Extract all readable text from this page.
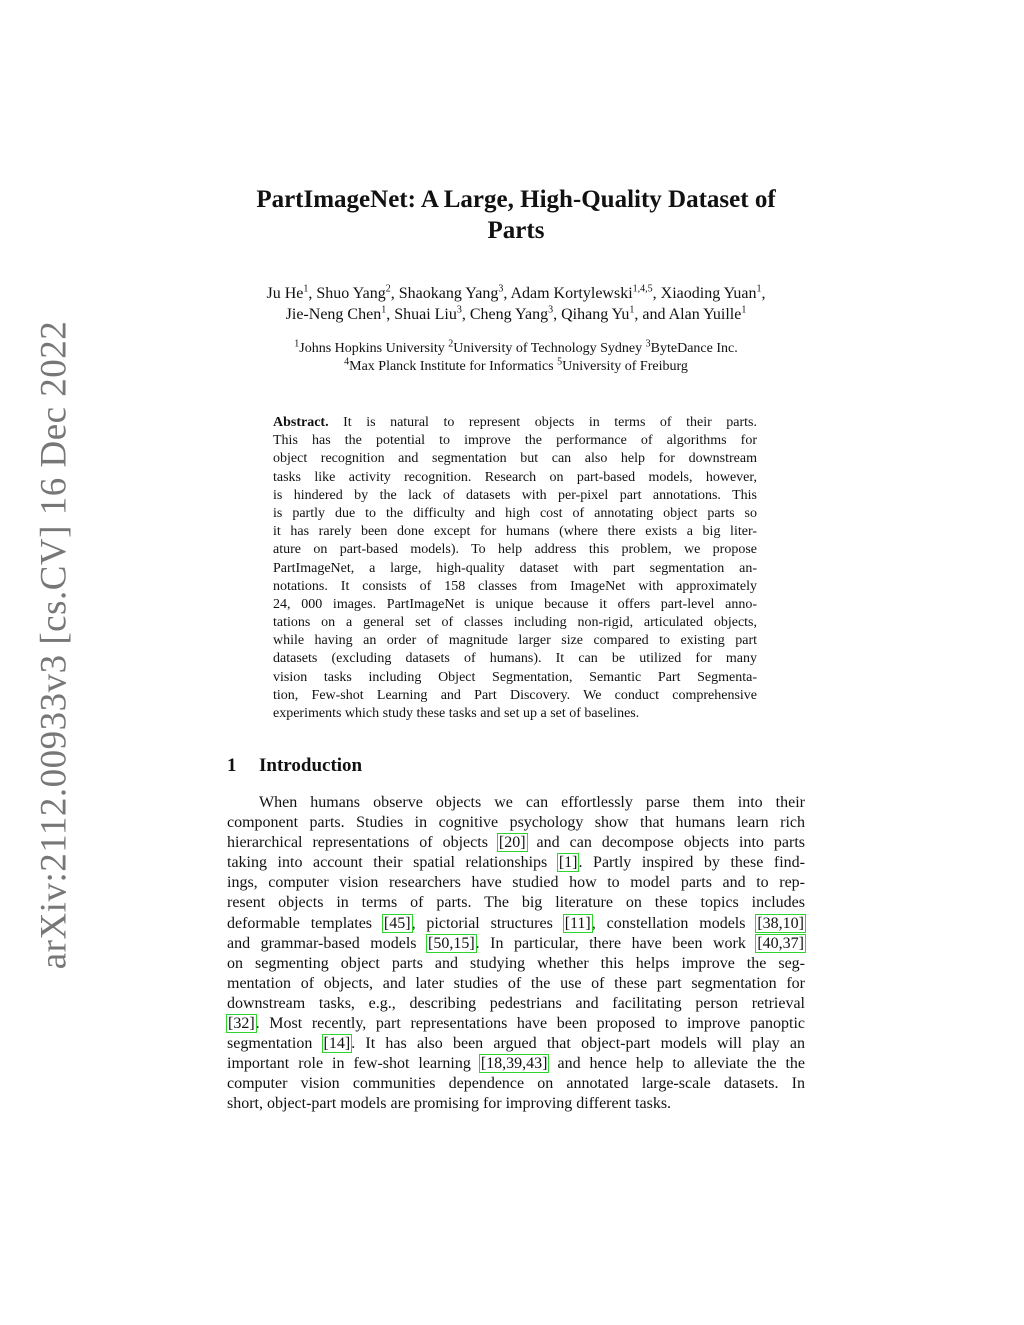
arXiv:2112.00933v3 [cs.CV] 16 Dec 2022
PartImageNet: A Large, High-Quality Dataset of
Parts
Ju He$^1$, Shuo Yang$^2$, Shaokang Yang$^3$, Adam Kortylewski$^{1,4,5}$, Xiaoding Yuan$^1$,
Jie-Neng Chen$^1$, Shuai Liu$^3$, Cheng Yang$^3$, Qihang Yu$^1$, and Alan Yuille$^1$
$^1$Johns Hopkins University $^2$University of Technology Sydney $^3$ByteDance Inc.
$^4$Max Planck Institute for Informatics $^5$University of Freiburg
Abstract. It is natural to represent objects in terms of their parts.
This has the potential to improve the performance of algorithms for
object recognition and segmentation but can also help for downstream
tasks like activity recognition. Research on part-based models, however,
is hindered by the lack of datasets with per-pixel part annotations. This
is partly due to the difficulty and high cost of annotating object parts so
it has rarely been done except for humans (where there exists a big liter-
ature on part-based models). To help address this problem, we propose
PartImageNet, a large, high-quality dataset with part segmentation an-
notations. It consists of 158 classes from ImageNet with approximately
24, 000 images. PartImageNet is unique because it offers part-level anno-
tations on a general set of classes including non-rigid, articulated objects,
while having an order of magnitude larger size compared to existing part
datasets (excluding datasets of humans). It can be utilized for many
vision tasks including Object Segmentation, Semantic Part Segmenta-
tion, Few-shot Learning and Part Discovery. We conduct comprehensive
experiments which study these tasks and set up a set of baselines.
1 Introduction
When humans observe objects we can effortlessly parse them into their
component parts. Studies in cognitive psychology show that humans learn rich
hierarchical representations of objects [20] and can decompose objects into parts
taking into account their spatial relationships [1]. Partly inspired by these find-
ings, computer vision researchers have studied how to model parts and to rep-
resent objects in terms of parts. The big literature on these topics includes
deformable templates [45], pictorial structures [11], constellation models [38,10]
and grammar-based models [50,15]. In particular, there have been work [40,37]
on segmenting object parts and studying whether this helps improve the seg-
mentation of objects, and later studies of the use of these part segmentation for
downstream tasks, e.g., describing pedestrians and facilitating person retrieval
[32]. Most recently, part representations have been proposed to improve panoptic
segmentation [14]. It has also been argued that object-part models will play an
important role in few-shot learning [18,39,43] and hence help to alleviate the the
computer vision communities dependence on annotated large-scale datasets. In
short, object-part models are promising for improving different tasks.
